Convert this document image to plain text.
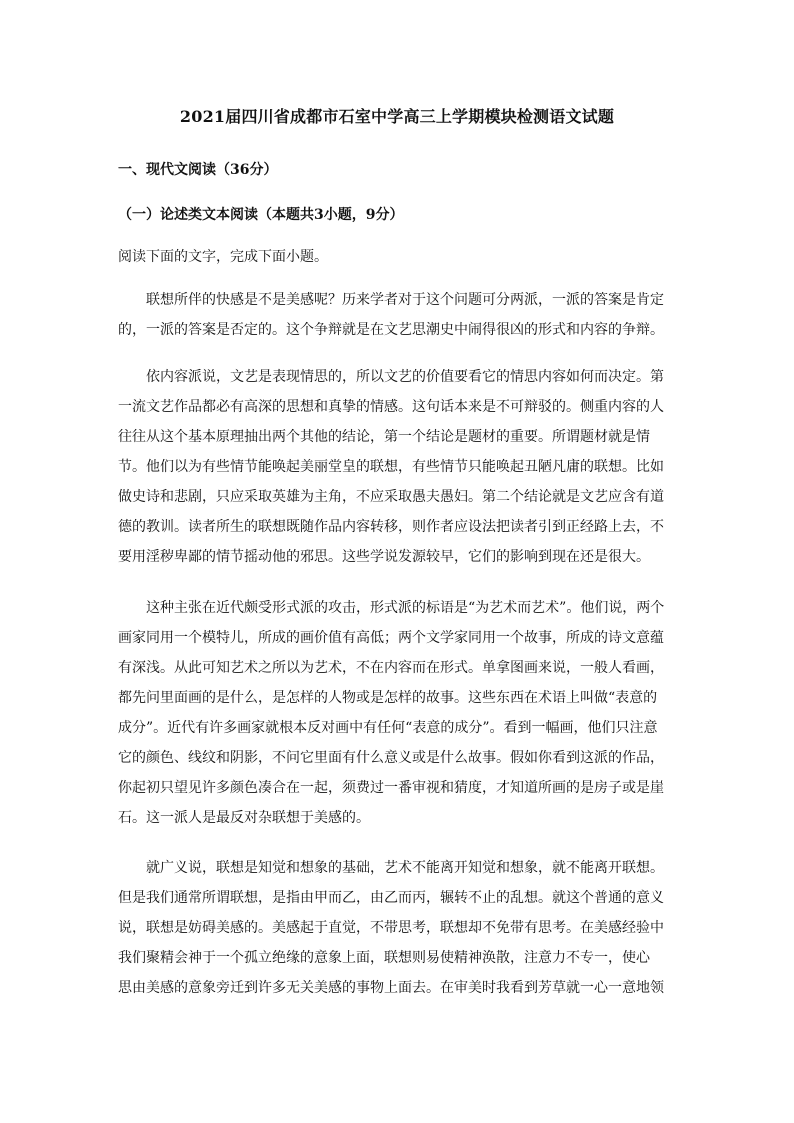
2021届四川省成都市石室中学高三上学期模块检测语文试题
一、现代文阅读（36分）
（一）论述类文本阅读（本题共3小题，9分）
阅读下面的文字，完成下面小题。
联想所伴的快感是不是美感呢？历来学者对于这个问题可分两派，一派的答案是肯定
的，一派的答案是否定的。这个争辩就是在文艺思潮史中闹得很凶的形式和内容的争辩。
依内容派说，文艺是表现情思的，所以文艺的价值要看它的情思内容如何而决定。第
一流文艺作品都必有高深的思想和真挚的情感。这句话本来是不可辩驳的。侧重内容的人
往往从这个基本原理抽出两个其他的结论，第一个结论是题材的重要。所谓题材就是情
节。他们以为有些情节能唤起美丽堂皇的联想，有些情节只能唤起丑陋凡庸的联想。比如
做史诗和悲剧，只应采取英雄为主角，不应采取愚夫愚妇。第二个结论就是文艺应含有道
德的教训。读者所生的联想既随作品内容转移，则作者应设法把读者引到正经路上去，不
要用淫秽卑鄙的情节摇动他的邪思。这些学说发源较早，它们的影响到现在还是很大。
这种主张在近代颇受形式派的攻击，形式派的标语是“为艺术而艺术”。他们说，两个
画家同用一个模特儿，所成的画价值有高低；两个文学家同用一个故事，所成的诗文意蕴
有深浅。从此可知艺术之所以为艺术，不在内容而在形式。单拿图画来说，一般人看画，
都先问里面画的是什么，是怎样的人物或是怎样的故事。这些东西在术语上叫做“表意的
成分”。近代有许多画家就根本反对画中有任何“表意的成分”。看到一幅画，他们只注意
它的颜色、线纹和阴影，不问它里面有什么意义或是什么故事。假如你看到这派的作品，
你起初只望见许多颜色凑合在一起，须费过一番审视和猜度，才知道所画的是房子或是崖
石。这一派人是最反对杂联想于美感的。
就广义说，联想是知觉和想象的基础，艺术不能离开知觉和想象，就不能离开联想。
但是我们通常所谓联想，是指由甲而乙，由乙而丙，辗转不止的乱想。就这个普通的意义
说，联想是妨碍美感的。美感起于直觉，不带思考，联想却不免带有思考。在美感经验中
我们聚精会神于一个孤立绝缘的意象上面，联想则易使精神涣散，注意力不专一，使心
思由美感的意象旁迁到许多无关美感的事物上面去。在审美时我看到芳草就一心一意地领
